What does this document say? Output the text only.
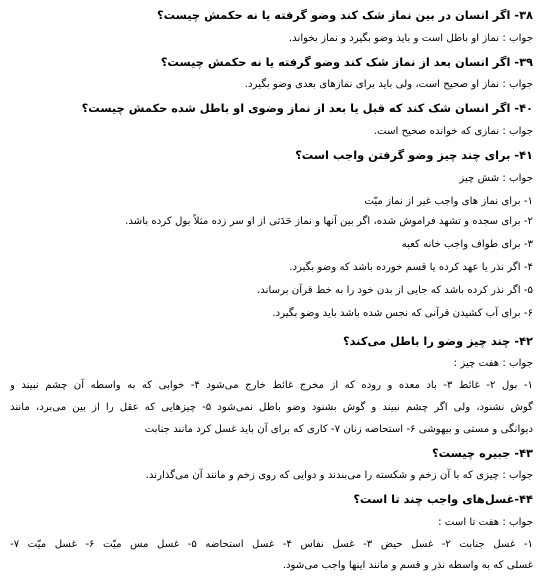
۳۸- اگر انسان در بین نماز شک کند وضو گرفته یا نه حکمش چیست؟
جواب : نماز او باطل است و باید وضو بگیرد و نماز بخواند.
۳۹- اگر انسان بعد از نماز شک کند وضو گرفته یا نه حکمش چیست؟
جواب : نماز او صحیح است، ولی باید برای نمازهای بعدی وضو بگیرد.
۴۰- اگر انسان شک کند که قبل یا بعد از نماز وضوی او باطل شده حکمش چیست؟
جواب : نمازی که خوانده صحیح است.
۴۱- برای چند چیز وضو گرفتن واجب است؟
جواب : شش چیز
۱- برای نماز های واجب غیر از نماز میّت
۲- برای سجده و تشهد فراموش شده، اگر بین آنها و نماز حَدَثی از او سر زده مثلاً بول کرده باشد.
۳- برای طواف واجب خانه کعبه
۴- اگر نذر یا عهد کرده یا قسم خورده باشد که وضو بگیرد.
۵- اگر نذر کرده باشد که جایی از بدن خود را به خط قرآن برساند.
۶- برای آب کشیدن قرآنی که نجس شده باشد باید وضو بگیرد.
۴۲- چند چیز وضو را باطل می‌کند؟
جواب : هفت چیز :
۱- بول ۲- غائط ۳- باد معده و روده که از مخرج غائط خارج می‌شود ۴- خوابی که به واسطه آن چشم نبیند و
گوش نشنود، ولی اگر چشم نبیند و گوش بشنود وضو باطل نمی‌شود ۵- چیزهایی که عقل را از بین می‌برد، مانند
دیوانگی و مستی و بیهوشی ۶- استحاضه زنان ۷- کاری که برای آن باید غسل کرد مانند جنابت
۴۳- جبیره چیست؟
جواب : چیزی که با آن زخم و شکسته را می‌بندند و دوایی که روی زخم و مانند آن می‌گذارند.
۴۴-غسل‌های واجب چند تا است؟
جواب : هفت تا است :
۱- غسل جنابت ۲- غسل حیض ۳- غسل نفاس ۴- غسل استحاضه ۵- غسل مس میّت ۶- غسل میّت ۷-
غسلی که به واسطه نذر و قسم و مانند اینها واجب می‌شود.
